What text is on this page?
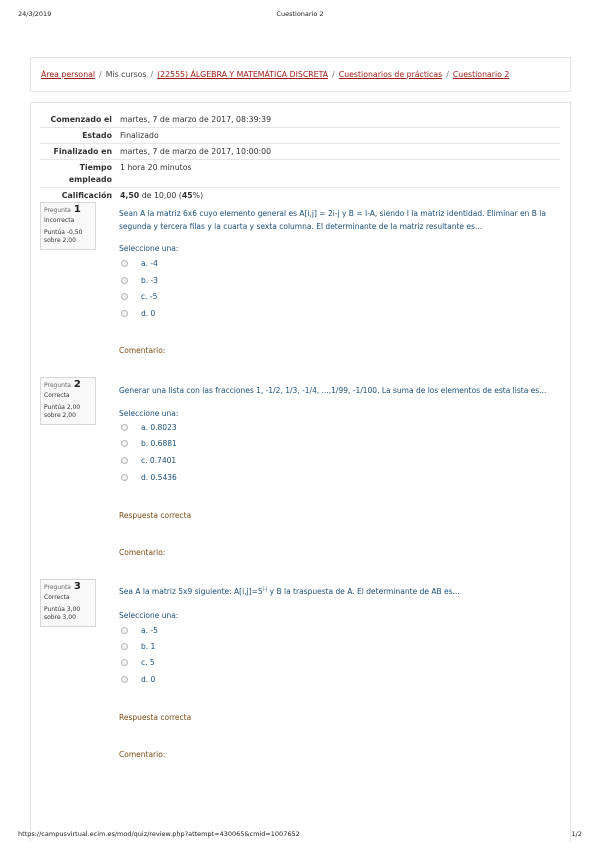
24/3/2019	Cuestionario 2
Área personal / Mis cursos / (22555) ÁLGEBRA Y MATEMÁTICA DISCRETA / Cuestionarios de prácticas / Cuestionario 2
Comenzado el	martes, 7 de marzo de 2017, 08:39:39
Estado	Finalizado
Finalizado en	martes, 7 de marzo de 2017, 10:00:00
Tiempo empleado
1 hora 20 minutos
Calificación	4,50 de 10,00 (45%)
Pregunta 1
Incorrecta
Puntúa -0,50 sobre 2,00
Sean A la matriz 6x6 cuyo elemento general es A[i,j] = 2i-j y B = I-A, siendo I la matriz identidad. Eliminar en B la segunda y tercera filas y la cuarta y sexta columna. El determinante de la matriz resultante es...
Seleccione una:
a. -4
b. -3
c. -5
d. 0
Comentario:
Pregunta 2
Correcta
Puntúa 2,00 sobre 2,00
Generar una lista con las fracciones 1, -1/2, 1/3, -1/4, ...,1/99, -1/100. La suma de los elementos de esta lista es...
Seleccione una:
a. 0.8023
b. 0.6881
c. 0.7401
d. 0.5436
Respuesta correcta
Comentario:
Pregunta 3
Correcta
Puntúa 3,00 sobre 3,00
Sea A la matriz 5x9 siguiente: $A[i,j]=5^{i-j}$ y B la traspuesta de A. El determinante de AB es...
Seleccione una:
a. -5
b. 1
c. 5
d. 0
Respuesta correcta
Comentario:
https://campusvirtual.ecim.es/mod/quiz/review.php?attempt=430065&cmid=1007652	1/2
